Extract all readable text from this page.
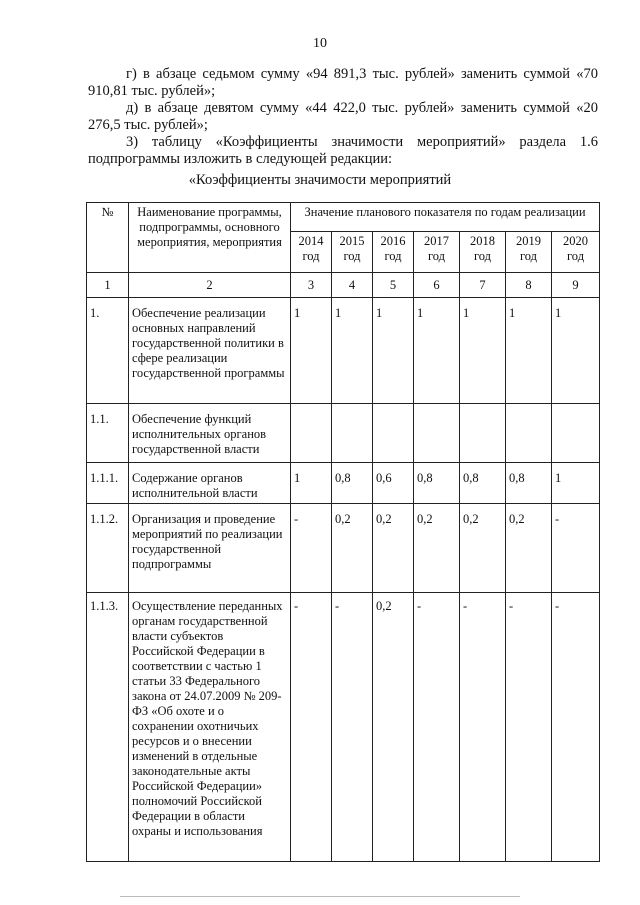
10
г) в абзаце седьмом сумму «94 891,3 тыс. рублей» заменить суммой «70 910,81 тыс. рублей»;
д) в абзаце девятом сумму «44 422,0 тыс. рублей» заменить суммой «20 276,5 тыс. рублей»;
3) таблицу «Коэффициенты значимости мероприятий» раздела 1.6 подпрограммы изложить в следующей редакции:
«Коэффициенты значимости мероприятий
№	Наименование программы, подпрограммы, основного мероприятия, мероприятия	Значение планового показателя по годам реализации						
		2014 год	2015 год	2016 год	2017 год	2018 год	2019 год	2020 год
1	2	3	4	5	6	7	8	9
1.	Обеспечение реализации основных направлений государственной политики в сфере реализации государственной программы	1	1	1	1	1	1	1
1.1.	Обеспечение функций исполнительных органов государственной власти							
1.1.1.	Содержание органов исполнительной власти	1	0,8	0,6	0,8	0,8	0,8	1
1.1.2.	Организация и проведение мероприятий по реализации государственной подпрограммы	-	0,2	0,2	0,2	0,2	0,2	-
1.1.3.	Осуществление переданных органам государственной власти субъектов Российской Федерации в соответствии с частью 1 статьи 33 Федерального закона от 24.07.2009 № 209-ФЗ «Об охоте и о сохранении охотничьих ресурсов и о внесении изменений в отдельные законодательные акты Российской Федерации» полномочий Российской Федерации в области охраны и использования	-	-	0,2	-	-	-	-
